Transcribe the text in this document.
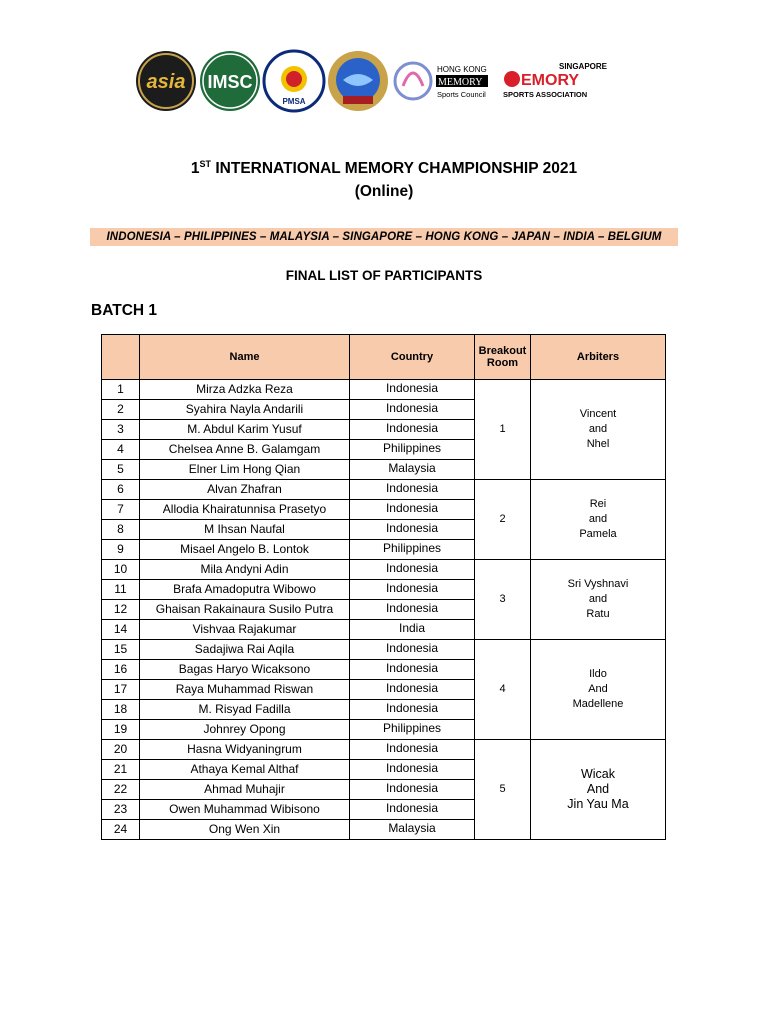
asia IMSC
PMSA
HONG KONG
MEMORY
Sports Council
SINGAPORE
EMORY
SPORTS ASSOCIATION
1ST INTERNATIONAL MEMORY CHAMPIONSHIP 2021
(Online)
INDONESIA – PHILIPPINES – MALAYSIA – SINGAPORE – HONG KONG – JAPAN – INDIA – BELGIUM
FINAL LIST OF PARTICIPANTS
BATCH 1
	Name	Country	Breakout
Room	Arbiters
1	Mirza Adzka Reza	Indonesia	1	Vincent
and
Nhel
2	Syahira Nayla Andarili	Indonesia		
3	M. Abdul Karim Yusuf	Indonesia		
4	Chelsea Anne B. Galamgam	Philippines		
5	Elner Lim Hong Qian	Malaysia		
6	Alvan Zhafran	Indonesia	2	Rei
and
Pamela
7	Allodia Khairatunnisa Prasetyo	Indonesia		
8	M Ihsan Naufal	Indonesia		
9	Misael Angelo B. Lontok	Philippines		
10	Mila Andyni Adin	Indonesia	3	Sri Vyshnavi
and
Ratu
11	Brafa Amadoputra Wibowo	Indonesia		
12	Ghaisan Rakainaura Susilo Putra	Indonesia		
14	Vishvaa Rajakumar	India		
15	Sadajiwa Rai Aqila	Indonesia	4	Ildo
And
Madellene
16	Bagas Haryo Wicaksono	Indonesia		
17	Raya Muhammad Riswan	Indonesia		
18	M. Risyad Fadilla	Indonesia		
19	Johnrey Opong	Philippines		
20	Hasna Widyaningrum	Indonesia	5	Wicak
And
Jin Yau Ma
21	Athaya Kemal Althaf	Indonesia		
22	Ahmad Muhajir	Indonesia		
23	Owen Muhammad Wibisono	Indonesia		
24	Ong Wen Xin	Malaysia		
